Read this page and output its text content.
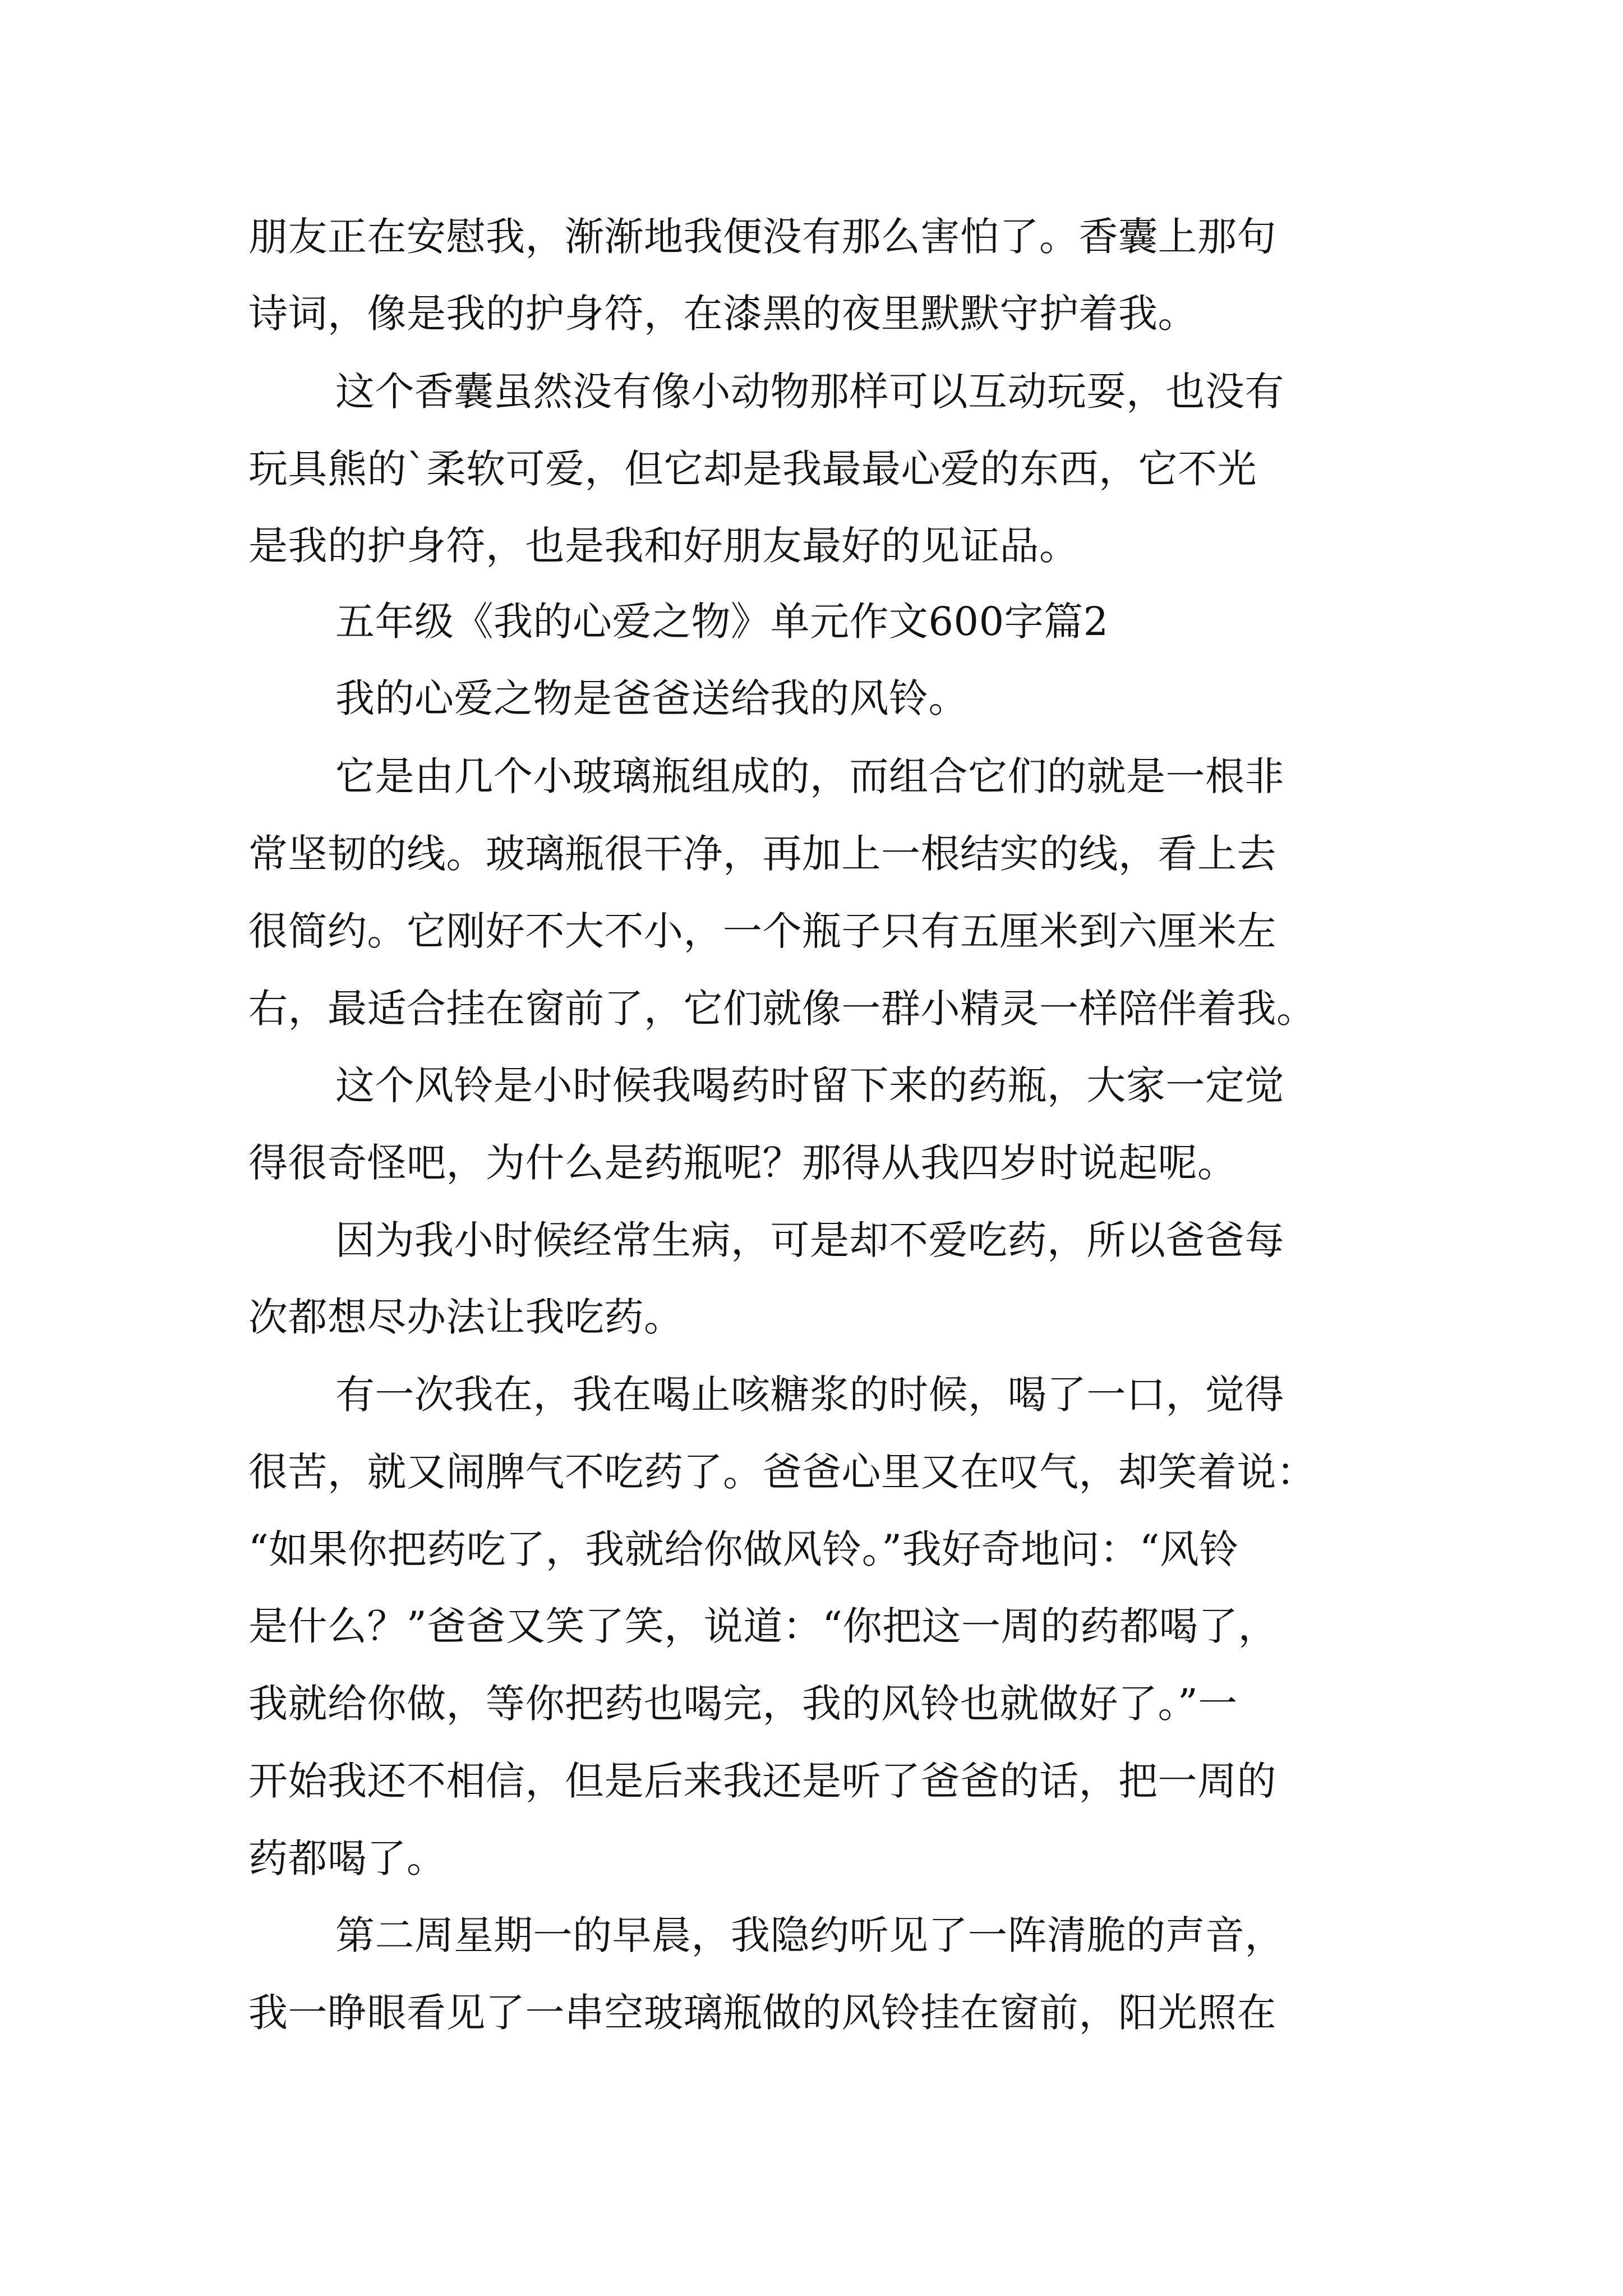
朋友正在安慰我，渐渐地我便没有那么害怕了。香囊上那句
诗词，像是我的护身符，在漆黑的夜里默默守护着我。
这个香囊虽然没有像小动物那样可以互动玩耍，也没有
玩具熊的`柔软可爱，但它却是我最最心爱的东西，它不光
是我的护身符，也是我和好朋友最好的见证品。
五年级《我的心爱之物》单元作文600字篇2
我的心爱之物是爸爸送给我的风铃。
它是由几个小玻璃瓶组成的，而组合它们的就是一根非
常坚韧的线。玻璃瓶很干净，再加上一根结实的线，看上去
很简约。它刚好不大不小，一个瓶子只有五厘米到六厘米左
右，最适合挂在窗前了，它们就像一群小精灵一样陪伴着我。
这个风铃是小时候我喝药时留下来的药瓶，大家一定觉
得很奇怪吧，为什么是药瓶呢？那得从我四岁时说起呢。
因为我小时候经常生病，可是却不爱吃药，所以爸爸每
次都想尽办法让我吃药。
有一次我在，我在喝止咳糖浆的时候，喝了一口，觉得
很苦，就又闹脾气不吃药了。爸爸心里又在叹气，却笑着说：
“如果你把药吃了，我就给你做风铃。”我好奇地问：“风铃
是什么？”爸爸又笑了笑，说道：“你把这一周的药都喝了，
我就给你做，等你把药也喝完，我的风铃也就做好了。”一
开始我还不相信，但是后来我还是听了爸爸的话，把一周的
药都喝了。
第二周星期一的早晨，我隐约听见了一阵清脆的声音，
我一睁眼看见了一串空玻璃瓶做的风铃挂在窗前，阳光照在
